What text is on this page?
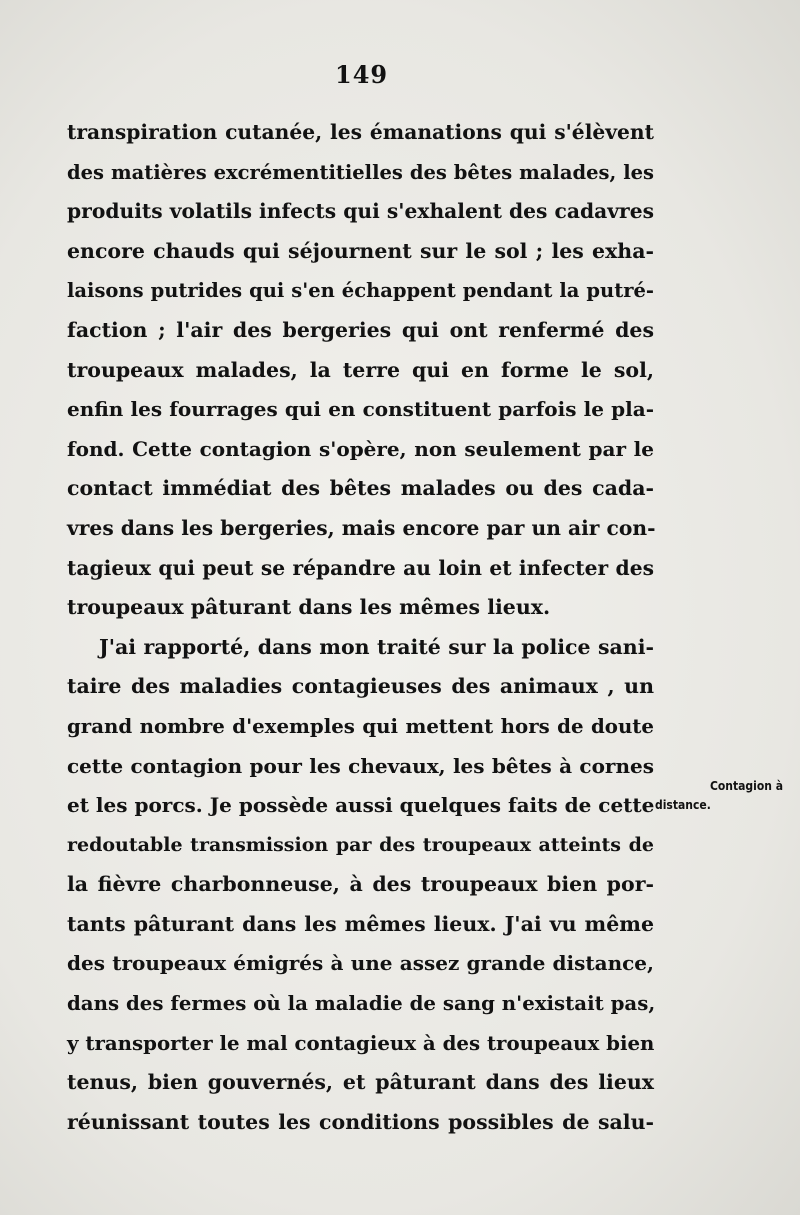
149
transpiration cutanée, les émanations qui s'élèvent
des matières excrémentitielles des bêtes malades, les
produits volatils infects qui s'exhalent des cadavres
encore chauds qui séjournent sur le sol ; les exha-
laisons putrides qui s'en échappent pendant la putré-
faction ; l'air des bergeries qui ont renfermé des
troupeaux malades, la terre qui en forme le sol,
enfin les fourrages qui en constituent parfois le pla-
fond. Cette contagion s'opère, non seulement par le
contact immédiat des bêtes malades ou des cada-
vres dans les bergeries, mais encore par un air con-
tagieux qui peut se répandre au loin et infecter des
troupeaux pâturant dans les mêmes lieux.
J'ai rapporté, dans mon traité sur la police sani-
taire des maladies contagieuses des animaux , un
grand nombre d'exemples qui mettent hors de doute
cette contagion pour les chevaux, les bêtes à cornes
et les porcs. Je possède aussi quelques faits de cette
redoutable transmission par des troupeaux atteints de
la fièvre charbonneuse, à des troupeaux bien por-
tants pâturant dans les mêmes lieux. J'ai vu même
des troupeaux émigrés à une assez grande distance,
dans des fermes où la maladie de sang n'existait pas,
y transporter le mal contagieux à des troupeaux bien
tenus, bien gouvernés, et pâturant dans des lieux
réunissant toutes les conditions possibles de salu-
Contagion à
distance.
